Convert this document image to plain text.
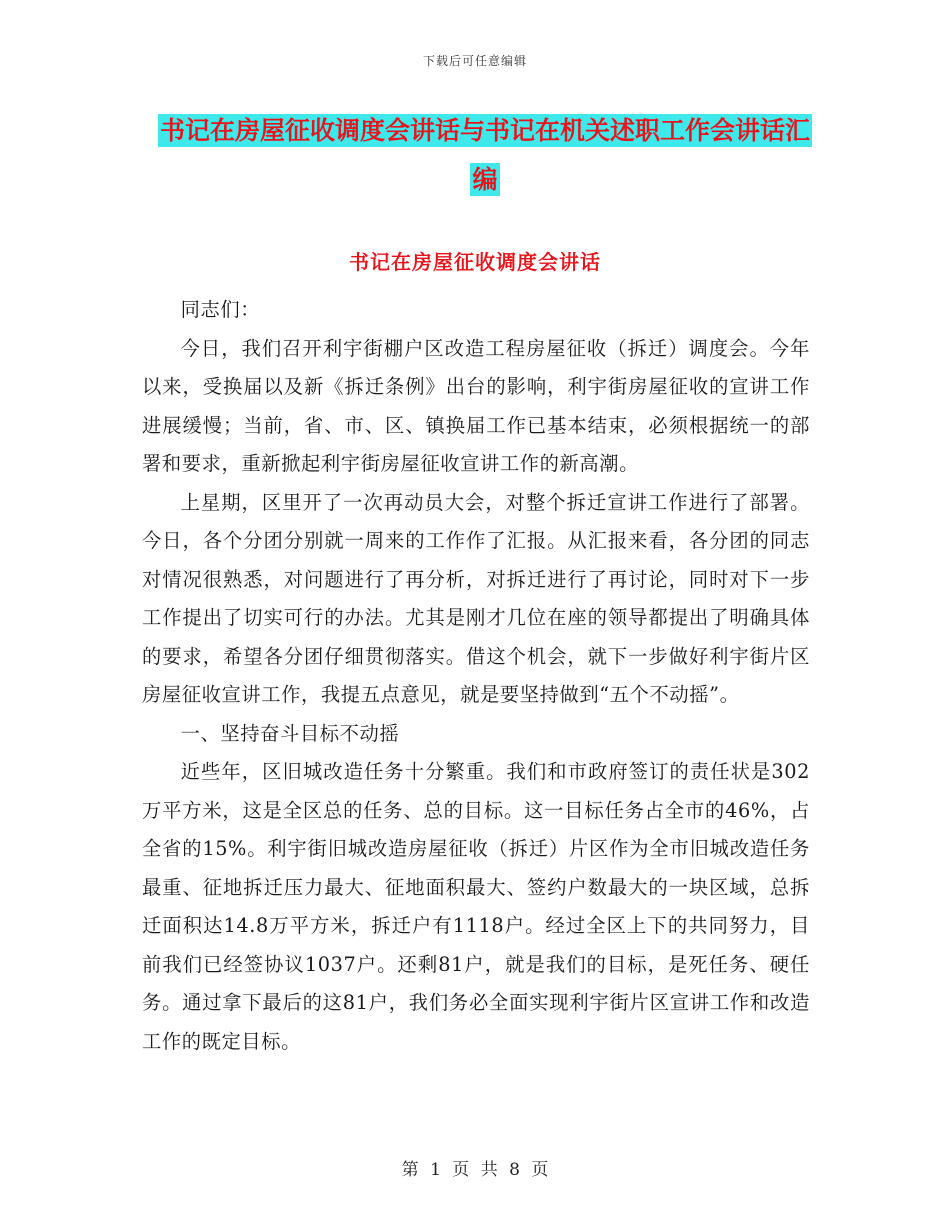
下载后可任意编辑
书记在房屋征收调度会讲话与书记在机关述职工作会讲话汇编
书记在房屋征收调度会讲话

同志们：

今日，我们召开利宇街棚户区改造工程房屋征收（拆迁）调度会。今年以来，受换届以及新《拆迁条例》出台的影响，利宇街房屋征收的宣讲工作进展缓慢；当前，省、市、区、镇换届工作已基本结束，必须根据统一的部署和要求，重新掀起利宇街房屋征收宣讲工作的新高潮。

上星期，区里开了一次再动员大会，对整个拆迁宣讲工作进行了部署。今日，各个分团分别就一周来的工作作了汇报。从汇报来看，各分团的同志对情况很熟悉，对问题进行了再分析，对拆迁进行了再讨论，同时对下一步工作提出了切实可行的办法。尤其是刚才几位在座的领导都提出了明确具体的要求，希望各分团仔细贯彻落实。借这个机会，就下一步做好利宇街片区房屋征收宣讲工作，我提五点意见，就是要坚持做到“五个不动摇”。

一、坚持奋斗目标不动摇

近些年，区旧城改造任务十分繁重。我们和市政府签订的责任状是302万平方米，这是全区总的任务、总的目标。这一目标任务占全市的46%，占全省的15%。利宇街旧城改造房屋征收（拆迁）片区作为全市旧城改造任务最重、征地拆迁压力最大、征地面积最大、签约户数最大的一块区域，总拆迁面积达14.8万平方米，拆迁户有1118户。经过全区上下的共同努力，目前我们已经签协议1037户。还剩81户，就是我们的目标，是死任务、硬任务。通过拿下最后的这81户，我们务必全面实现利宇街片区宣讲工作和改造工作的既定目标。

第 1 页 共 8 页
